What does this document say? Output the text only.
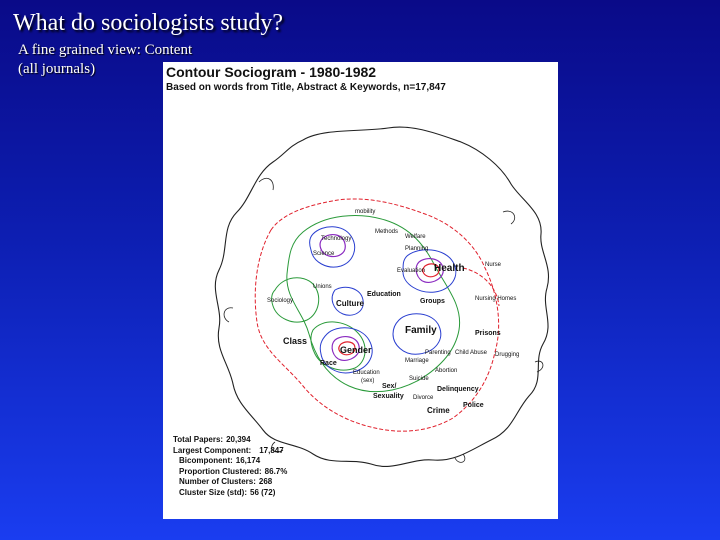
What do sociologists study?
A fine grained view: Content
(all journals)	Contour Sociogram - 1980-1982
Based on words from Title, Abstract & Keywords, n=17,847
mobility
Methods
Welfare
Technology
Planning
Science
Evaluation Health	Nurse
Nursing Homes
Unions
Education
Sociology	Culture	Groups
Family	Prisons
Class
Gender	Parenting Child Abuse Drugging
Marriage
Race
Education
(sex)
Abortion
Suicide
Sex/
Sexuality
Delinquency
Divorce
Police
Crime
Total Papers: 20,394
Largest Component: 17,847
Bicomponent: 16,174
Proportion Clustered: 86.7%
Number of Clusters: 268
Cluster Size (std): 56 (72)
